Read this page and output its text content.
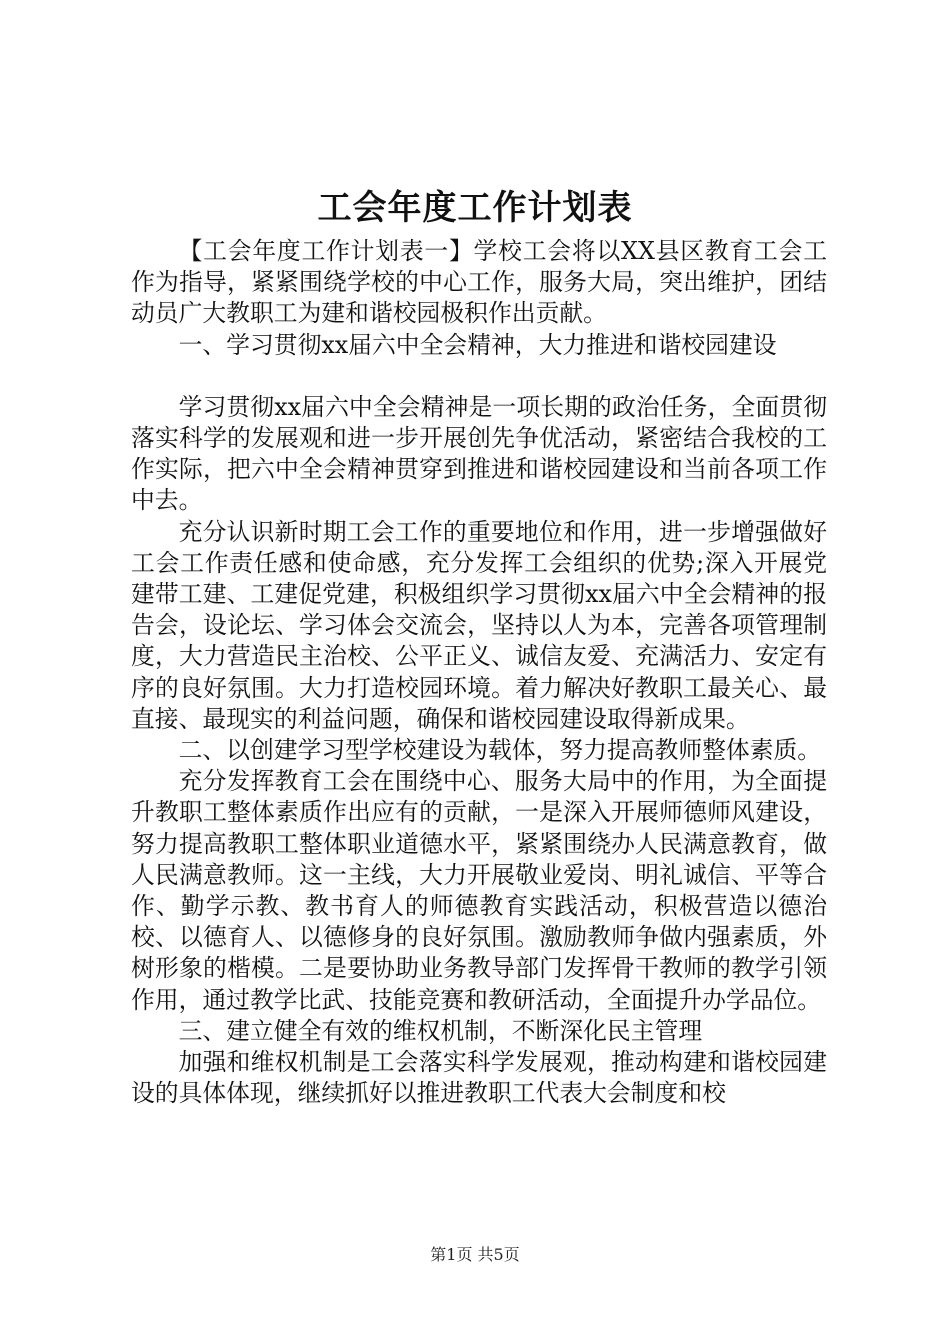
工会年度工作计划表

【工会年度工作计划表一】学校工会将以XX县区教育工会工作为指导，紧紧围绕学校的中心工作，服务大局，突出维护，团结动员广大教职工为建和谐校园极积作出贡献。

一、学习贯彻xx届六中全会精神，大力推进和谐校园建设

学习贯彻xx届六中全会精神是一项长期的政治任务，全面贯彻落实科学的发展观和进一步开展创先争优活动，紧密结合我校的工作实际，把六中全会精神贯穿到推进和谐校园建设和当前各项工作中去。

充分认识新时期工会工作的重要地位和作用，进一步增强做好工会工作责任感和使命感，充分发挥工会组织的优势;深入开展党建带工建、工建促党建，积极组织学习贯彻xx届六中全会精神的报告会，设论坛、学习体会交流会，坚持以人为本，完善各项管理制度，大力营造民主治校、公平正义、诚信友爱、充满活力、安定有序的良好氛围。大力打造校园环境。着力解决好教职工最关心、最直接、最现实的利益问题，确保和谐校园建设取得新成果。

二、以创建学习型学校建设为载体，努力提高教师整体素质。

充分发挥教育工会在围绕中心、服务大局中的作用，为全面提升教职工整体素质作出应有的贡献，一是深入开展师德师风建设，努力提高教职工整体职业道德水平，紧紧围绕办人民满意教育，做人民满意教师。这一主线，大力开展敬业爱岗、明礼诚信、平等合作、勤学示教、教书育人的师德教育实践活动，积极营造以德治校、以德育人、以德修身的良好氛围。激励教师争做内强素质，外树形象的楷模。二是要协助业务教导部门发挥骨干教师的教学引领作用，通过教学比武、技能竞赛和教研活动，全面提升办学品位。

三、建立健全有效的维权机制，不断深化民主管理

加强和维权机制是工会落实科学发展观，推动构建和谐校园建设的具体体现，继续抓好以推进教职工代表大会制度和校

第1页 共5页
